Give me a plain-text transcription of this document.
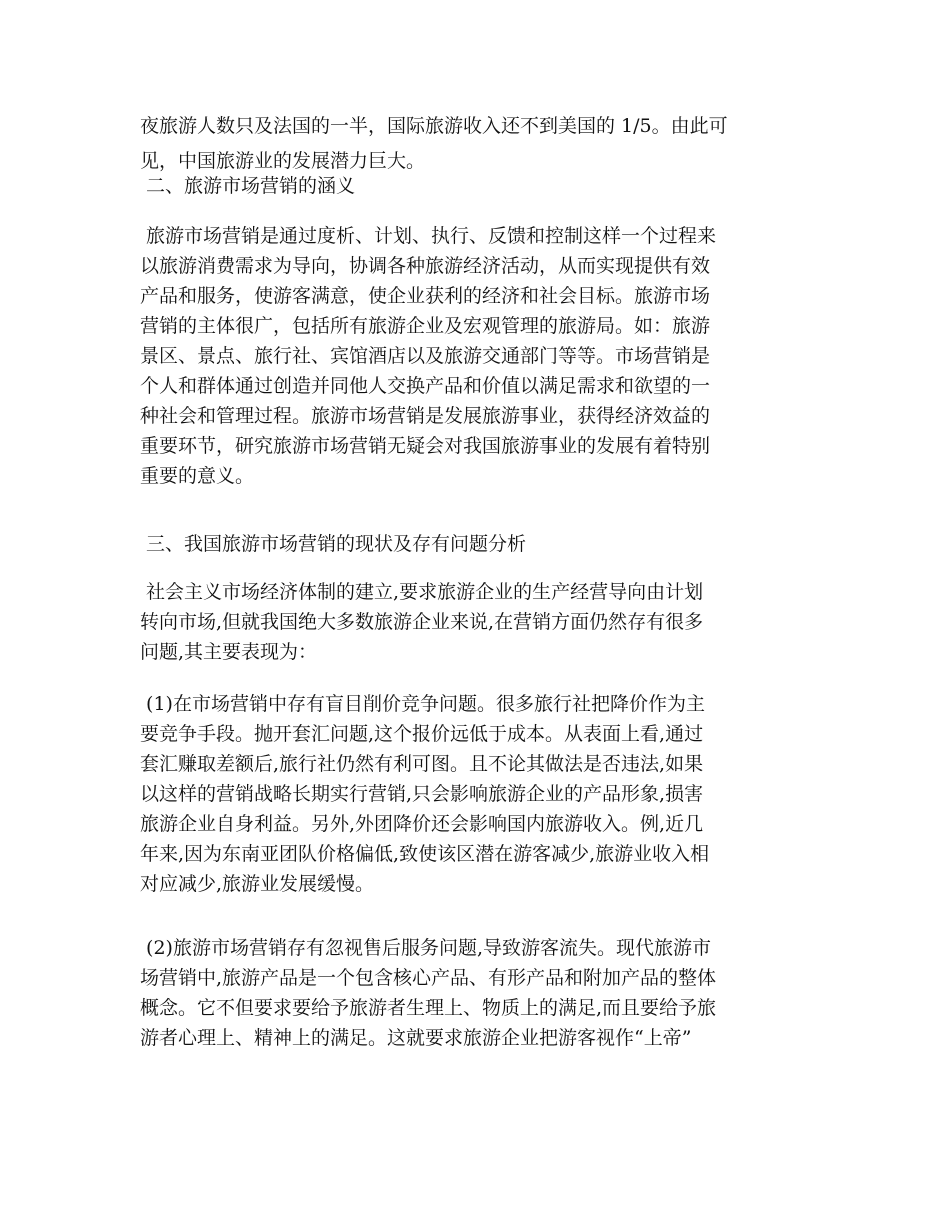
夜旅游人数只及法国的一半，国际旅游收入还不到美国的 1/5。由此可
见，中国旅游业的发展潜力巨大。
二、旅游市场营销的涵义
旅游市场营销是通过度析、计划、执行、反馈和控制这样一个过程来
以旅游消费需求为导向，协调各种旅游经济活动，从而实现提供有效
产品和服务，使游客满意，使企业获利的经济和社会目标。旅游市场
营销的主体很广，包括所有旅游企业及宏观管理的旅游局。如：旅游
景区、景点、旅行社、宾馆酒店以及旅游交通部门等等。市场营销是
个人和群体通过创造并同他人交换产品和价值以满足需求和欲望的一
种社会和管理过程。旅游市场营销是发展旅游事业，获得经济效益的
重要环节，研究旅游市场营销无疑会对我国旅游事业的发展有着特别
重要的意义。
三、我国旅游市场营销的现状及存有问题分析
社会主义市场经济体制的建立,要求旅游企业的生产经营导向由计划
转向市场,但就我国绝大多数旅游企业来说,在营销方面仍然存有很多
问题,其主要表现为：
(1)在市场营销中存有盲目削价竞争问题。很多旅行社把降价作为主
要竞争手段。抛开套汇问题,这个报价远低于成本。从表面上看,通过
套汇赚取差额后,旅行社仍然有利可图。且不论其做法是否违法,如果
以这样的营销战略长期实行营销,只会影响旅游企业的产品形象,损害
旅游企业自身利益。另外,外团降价还会影响国内旅游收入。例,近几
年来,因为东南亚团队价格偏低,致使该区潜在游客减少,旅游业收入相
对应减少,旅游业发展缓慢。
(2)旅游市场营销存有忽视售后服务问题,导致游客流失。现代旅游市
场营销中,旅游产品是一个包含核心产品、有形产品和附加产品的整体
概念。它不但要求要给予旅游者生理上、物质上的满足,而且要给予旅
游者心理上、精神上的满足。这就要求旅游企业把游客视作“上帝”
